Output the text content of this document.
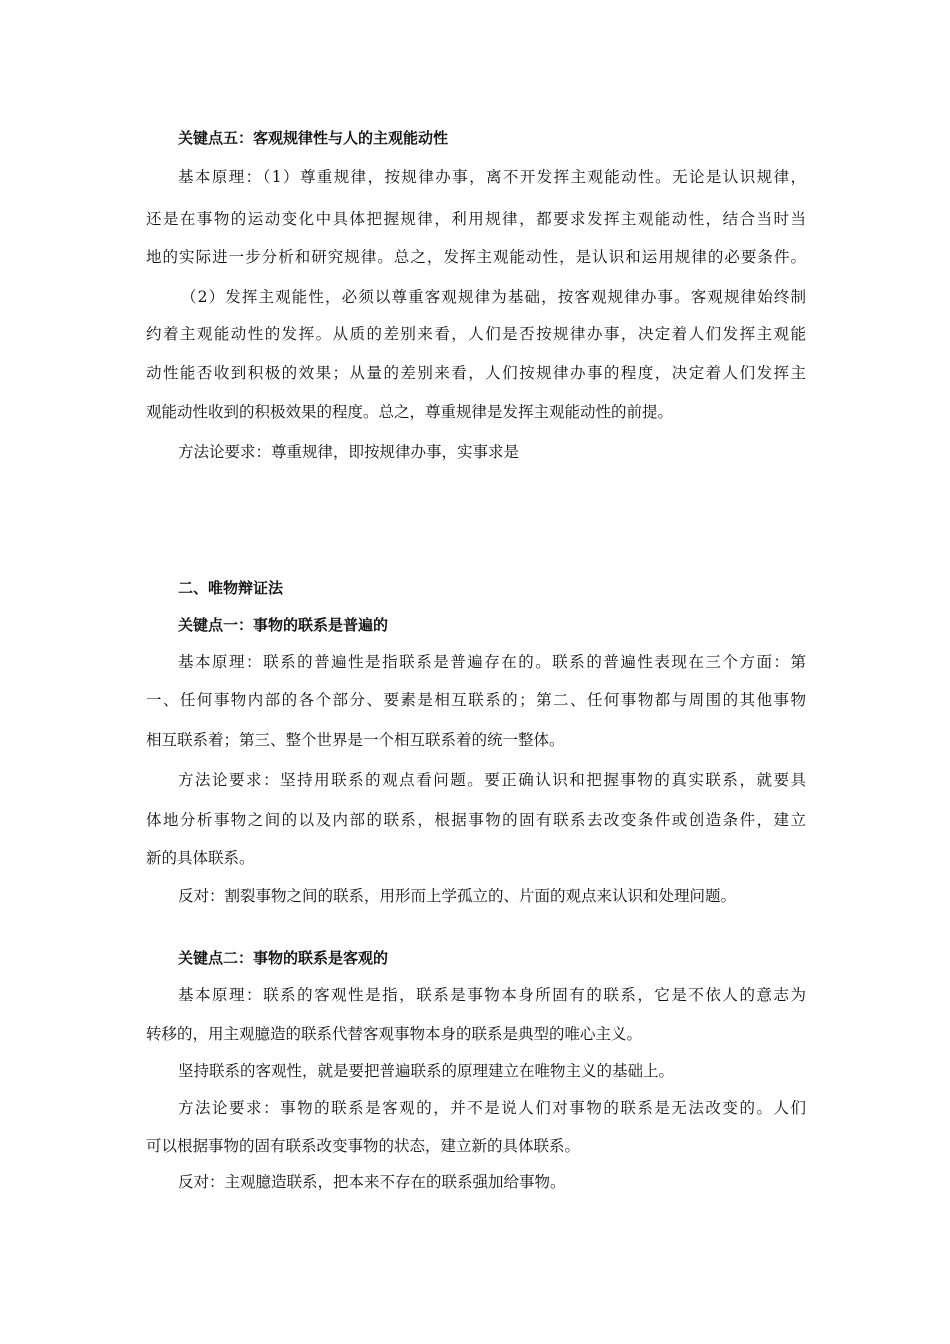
关键点五：客观规律性与人的主观能动性
基本原理：（1）尊重规律，按规律办事，离不开发挥主观能动性。无论是认识规律，
还是在事物的运动变化中具体把握规律，利用规律，都要求发挥主观能动性，结合当时当
地的实际进一步分析和研究规律。总之，发挥主观能动性，是认识和运用规律的必要条件。
（2）发挥主观能性，必须以尊重客观规律为基础，按客观规律办事。客观规律始终制
约着主观能动性的发挥。从质的差别来看，人们是否按规律办事，决定着人们发挥主观能
动性能否收到积极的效果；从量的差别来看，人们按规律办事的程度，决定着人们发挥主
观能动性收到的积极效果的程度。总之，尊重规律是发挥主观能动性的前提。
方法论要求：尊重规律，即按规律办事，实事求是
二、唯物辩证法
关键点一：事物的联系是普遍的
基本原理：联系的普遍性是指联系是普遍存在的。联系的普遍性表现在三个方面：第
一、任何事物内部的各个部分、要素是相互联系的；第二、任何事物都与周围的其他事物
相互联系着；第三、整个世界是一个相互联系着的统一整体。
方法论要求：坚持用联系的观点看问题。要正确认识和把握事物的真实联系，就要具
体地分析事物之间的以及内部的联系，根据事物的固有联系去改变条件或创造条件，建立
新的具体联系。
反对：割裂事物之间的联系，用形而上学孤立的、片面的观点来认识和处理问题。
关键点二：事物的联系是客观的
基本原理：联系的客观性是指，联系是事物本身所固有的联系，它是不依人的意志为
转移的，用主观臆造的联系代替客观事物本身的联系是典型的唯心主义。
坚持联系的客观性，就是要把普遍联系的原理建立在唯物主义的基础上。
方法论要求：事物的联系是客观的，并不是说人们对事物的联系是无法改变的。人们
可以根据事物的固有联系改变事物的状态，建立新的具体联系。
反对：主观臆造联系，把本来不存在的联系强加给事物。
